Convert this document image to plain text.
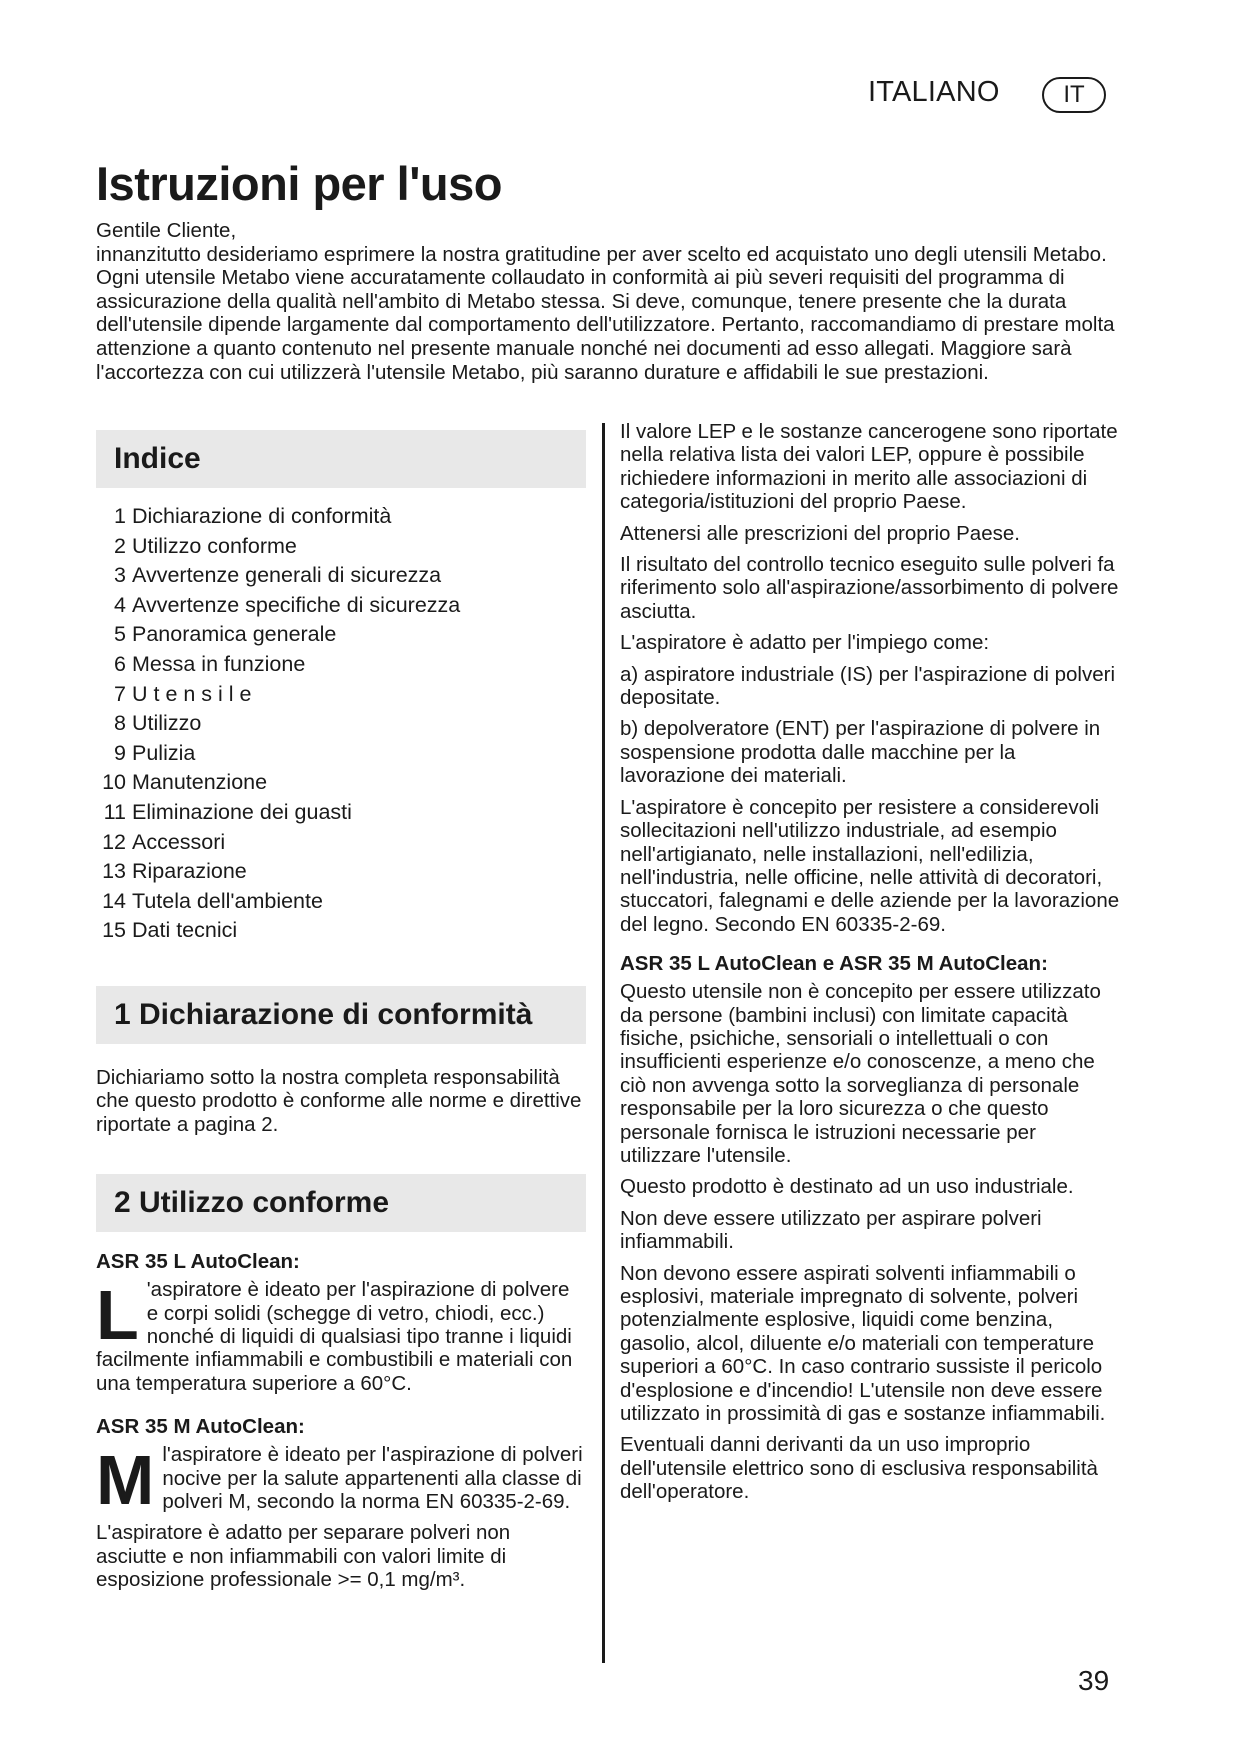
ITALIANO	IT
Istruzioni per l'uso
Gentile Cliente,
innanzitutto desideriamo esprimere la nostra gratitudine per aver scelto ed acquistato uno degli utensili Metabo. Ogni utensile Metabo viene accuratamente collaudato in conformità ai più severi requisiti del programma di assicurazione della qualità nell'ambito di Metabo stessa. Si deve, comunque, tenere presente che la durata dell'utensile dipende largamente dal comportamento dell'utilizzatore. Pertanto, raccomandiamo di prestare molta attenzione a quanto contenuto nel presente manuale nonché nei documenti ad esso allegati. Maggiore sarà l'accortezza con cui utilizzerà l'utensile Metabo, più saranno durature e affidabili le sue prestazioni.
Indice
1 Dichiarazione di conformità
2 Utilizzo conforme
3 Avvertenze generali di sicurezza
4 Avvertenze specifiche di sicurezza
5 Panoramica generale
6 Messa in funzione
7 U t e n s i l e
8 Utilizzo
9 Pulizia
10 Manutenzione
11 Eliminazione dei guasti
12 Accessori
13 Riparazione
14 Tutela dell'ambiente
15 Dati tecnici
1 Dichiarazione di conformità

Dichiariamo sotto la nostra completa responsabilità che questo prodotto è conforme alle norme e direttive riportate a pagina 2.

2 Utilizzo conforme
ASR 35 L AutoClean:

L 'aspiratore è ideato per l'aspirazione di polvere e corpi solidi (schegge di vetro, chiodi, ecc.) nonché di liquidi di qualsiasi tipo tranne i liquidi facilmente infiammabili e combustibili e materiali con una temperatura superiore a 60°C.

ASR 35 M AutoClean:

Ml'aspiratore è ideato per l'aspirazione di polveri nocive per la salute appartenenti alla classe di polveri M, secondo la norma EN 60335-2-69.

L'aspiratore è adatto per separare polveri non asciutte e non infiammabili con valori limite di esposizione professionale >= 0,1 mg/m³.

Il valore LEP e le sostanze cancerogene sono riportate nella relativa lista dei valori LEP, oppure è possibile richiedere informazioni in merito alle associazioni di categoria/istituzioni del proprio Paese.

Attenersi alle prescrizioni del proprio Paese.

Il risultato del controllo tecnico eseguito sulle polveri fa riferimento solo all'aspirazione/assorbimento di polvere asciutta.

L'aspiratore è adatto per l'impiego come:

a) aspiratore industriale (IS) per l'aspirazione di polveri depositate.

b) depolveratore (ENT) per l'aspirazione di polvere in sospensione prodotta dalle macchine per la lavorazione dei materiali.

L'aspiratore è concepito per resistere a considerevoli sollecitazioni nell'utilizzo industriale, ad esempio nell'artigianato, nelle installazioni, nell'edilizia, nell'industria, nelle officine, nelle attività di decoratori, stuccatori, falegnami e delle aziende per la lavorazione del legno. Secondo EN 60335-2-69.

ASR 35 L AutoClean e ASR 35 M AutoClean:

Questo utensile non è concepito per essere utilizzato da persone (bambini inclusi) con limitate capacità fisiche, psichiche, sensoriali o intellettuali o con insufficienti esperienze e/o conoscenze, a meno che ciò non avvenga sotto la sorveglianza di personale responsabile per la loro sicurezza o che questo personale fornisca le istruzioni necessarie per utilizzare l'utensile.

Questo prodotto è destinato ad un uso industriale.

Non deve essere utilizzato per aspirare polveri infiammabili.

Non devono essere aspirati solventi infiammabili o esplosivi, materiale impregnato di solvente, polveri potenzialmente esplosive, liquidi come benzina, gasolio, alcol, diluente e/o materiali con temperature superiori a 60°C. In caso contrario sussiste il pericolo d'esplosione e d'incendio! L'utensile non deve essere utilizzato in prossimità di gas e sostanze infiammabili.

Eventuali danni derivanti da un uso improprio dell'utensile elettrico sono di esclusiva responsabilità dell'operatore.

39
